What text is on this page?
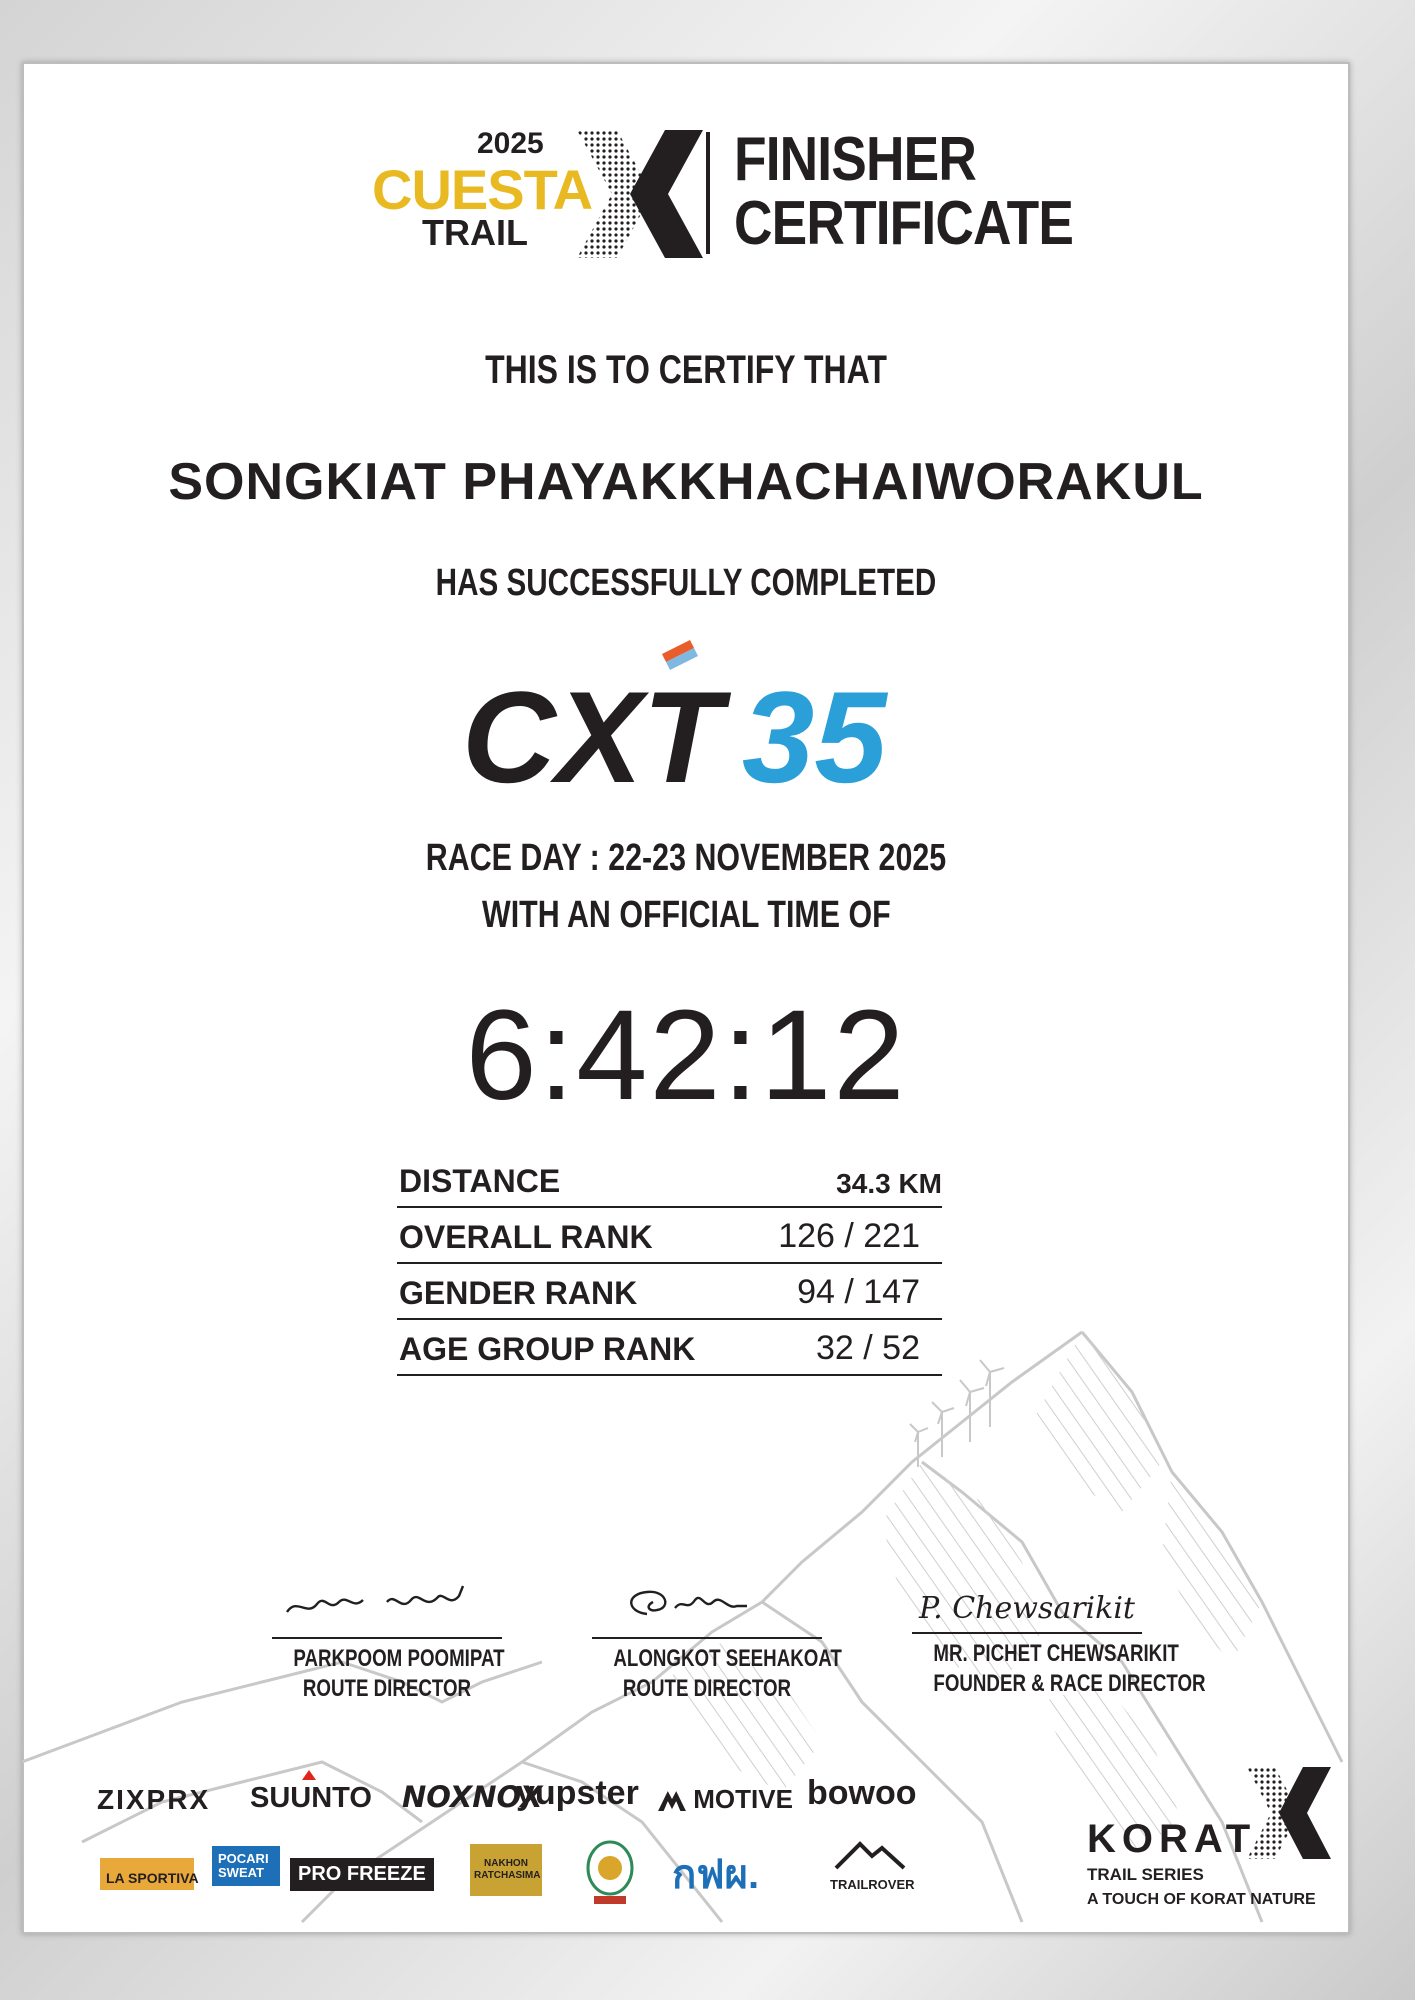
2025
CUESTA
TRAIL
FINISHER
CERTIFICATE
THIS IS TO CERTIFY THAT
SONGKIAT PHAYAKKHACHAIWORAKUL
HAS SUCCESSFULLY COMPLETED
CXT 35
RACE DAY : 22-23 NOVEMBER 2025
WITH AN OFFICIAL TIME OF
6:42:12
DISTANCE	34.3 KM
OVERALL RANK	126 / 221
GENDER RANK	94 / 147
AGE GROUP RANK	32 / 52
PARKPOOM POOMIPAT
ROUTE DIRECTOR
ALONGKOT SEEHAKOAT
ROUTE DIRECTOR
P. Chewsarikit
MR. PICHET CHEWSARIKIT
FOUNDER & RACE DIRECTOR
ZIXPRX SUUNTO NOXNOX
yupster	MOTIVE bowoo
LA SPORTIVA
POCARI SWEAT	PRO FREEZE	NAKHON RATCHASIMA	กฟผ.	TRAILROVER
KORAT
TRAIL SERIES
A TOUCH OF KORAT NATURE
